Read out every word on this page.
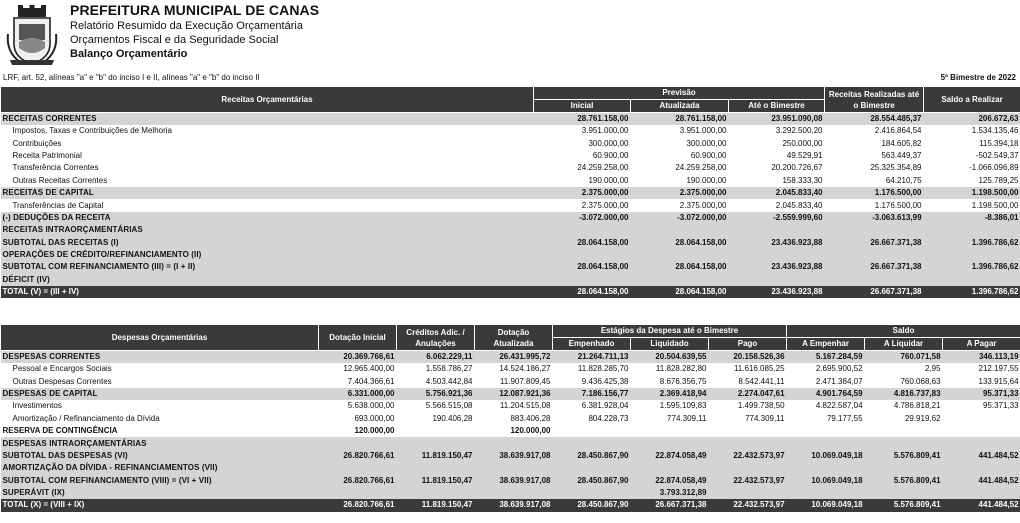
PREFEITURA MUNICIPAL DE CANAS
Relatório Resumido da Execução Orçamentária
Orçamentos Fiscal e da Seguridade Social
Balanço Orçamentário
LRF, art. 52, alíneas "a" e "b" do inciso I e II, alíneas "a" e "b" do inciso II	5º Bimestre de 2022
Receitas Orçamentárias	Previsão			Receitas Realizadas até o Bimestre	Saldo a Realizar
	Inicial	Atualizada	Até o Bimestre		
RECEITAS CORRENTES	28.761.158,00	28.761.158,00	23.951.090,08	28.554.485,37	206.672,63
Impostos, Taxas e Contribuições de Melhoria	3.951.000,00	3.951.000,00	3.292.500,20	2.416.864,54	1.534.135,46
Contribuições	300.000,00	300.000,00	250.000,00	184.605,82	115.394,18
Receita Patrimonial	60.900,00	60.900,00	49.529,91	563.449,37	-502.549,37
Transferência Correntes	24.259.258,00	24.259.258,00	20.200.726,67	25.325.354,89	-1.066.096,89
Outras Receitas Correntes	190.000,00	190.000,00	158.333,30	64.210,75	125.789,25
RECEITAS DE CAPITAL	2.375.000,00	2.375.000,00	2.045.833,40	1.176.500,00	1.198.500,00
Transferências de Capital	2.375.000,00	2.375.000,00	2.045.833,40	1.176.500,00	1.198.500,00
(-) DEDUÇÕES DA RECEITA	-3.072.000,00	-3.072.000,00	-2.559.999,60	-3.063.613,99	-8.386,01
RECEITAS INTRAORÇAMENTÁRIAS					
SUBTOTAL DAS RECEITAS (I)	28.064.158,00	28.064.158,00	23.436.923,88	26.667.371,38	1.396.786,62
OPERAÇÕES DE CRÉDITO/REFINANCIAMENTO (II)					
SUBTOTAL COM REFINANCIAMENTO (III) = (I + II)	28.064.158,00	28.064.158,00	23.436.923,88	26.667.371,38	1.396.786,62
DÉFICIT (IV)					
TOTAL (V) = (III + IV)	28.064.158,00	28.064.158,00	23.436.923,88	26.667.371,38	1.396.786,62
Despesas Orçamentárias	Dotação Inicial	Créditos Adic. / Anulações	Dotação Atualizada	Estágios da Despesa até o Bimestre			Saldo		
				Empenhado	Liquidado	Pago	A Empenhar	A Liquidar	A Pagar
DESPESAS CORRENTES	20.369.766,61	6.062.229,11	26.431.995,72	21.264.711,13	20.504.639,55	20.158.526,36	5.167.284,59	760.071,58	346.113,19
Pessoal e Encargos Sociais	12.965.400,00	1.558.786,27	14.524.186,27	11.828.285,70	11.828.282,80	11.616.085,25	2.695.900,52	2,95	212.197,55
Outras Despesas Correntes	7.404.366,61	4.503.442,84	11.907.809,45	9.436.425,38	8.676.356,75	8.542.441,11	2.471.384,07	760.068,63	133.915,64
DESPESAS DE CAPITAL	6.331.000,00	5.756.921,36	12.087.921,36	7.186.156,77	2.369.418,94	2.274.047,61	4.901.764,59	4.816.737,83	95.371,33
Investimentos	5.638.000,00	5.566.515,08	11.204.515,08	6.381.928,04	1.595.109,83	1.499.738,50	4.822.587,04	4.786.818,21	95.371,33
Amortização / Refinanciamento da Dívida	693.000,00	190.406,28	883.406,28	804.228,73	774.309,11	774.309,11	79.177,55	29.919,62	
RESERVA DE CONTINGÊNCIA	120.000,00		120.000,00						
DESPESAS INTRAORÇAMENTÁRIAS									
SUBTOTAL DAS DESPESAS (VI)	26.820.766,61	11.819.150,47	38.639.917,08	28.450.867,90	22.874.058,49	22.432.573,97	10.069.049,18	5.576.809,41	441.484,52
AMORTIZAÇÃO DA DÍVIDA - REFINANCIAMENTOS (VII)									
SUBTOTAL COM REFINANCIAMENTO (VIII) = (VI + VII)	26.820.766,61	11.819.150,47	38.639.917,08	28.450.867,90	22.874.058,49	22.432.573,97	10.069.049,18	5.576.809,41	441.484,52
SUPERÁVIT (IX)					3.793.312,89				
TOTAL (X) = (VIII + IX)	26.820.766,61	11.819.150,47	38.639.917,08	28.450.867,90	26.667.371,38	22.432.573,97	10.069.049,18	5.576.809,41	441.484,52
